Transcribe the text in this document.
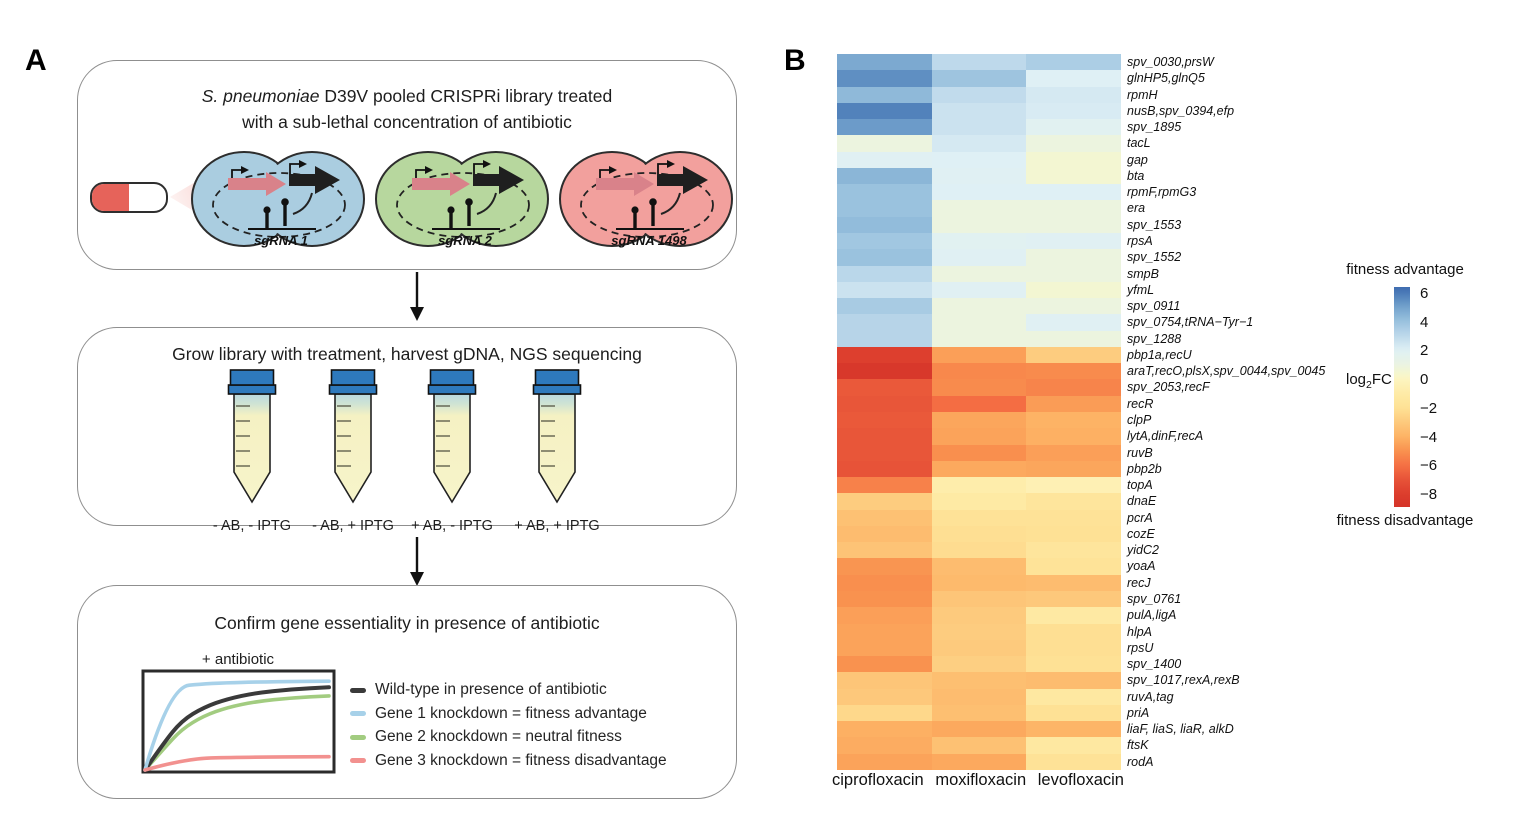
A
S. pneumoniae D39V pooled CRISPRi library treated
with a sub-lethal concentration of antibiotic
sgRNA 1	sgRNA 2	sgRNA 1498
Grow library with treatment, harvest gDNA, NGS sequencing
- AB, - IPTG - AB, + IPTG + AB, - IPTG + AB, + IPTG
Confirm gene essentiality in presence of antibiotic
+ antibiotic
Wild-type in presence of antibiotic
Gene 1 knockdown = fitness advantage
Gene 2 knockdown = neutral fitness
Gene 3 knockdown = fitness disadvantage
B	spv_0030,prsW
glnHP5,glnQ5
rpmH
nusB,spv_0394,efp
spv_1895
tacL
gap
bta
rpmF,rpmG3
era
spv_1553
rpsA
spv_1552
smpB
yfmL
spv_0911
spv_0754,tRNA−Tyr−1
spv_1288
pbp1a,recU
araT,recO,plsX,spv_0044,spv_0045
spv_2053,recF
recR
clpP
lytA,dinF,recA
ruvB
pbp2b
topA
dnaE
pcrA
cozE
yidC2
yoaA
recJ
spv_0761
pulA,ligA
hlpA
rpsU
spv_1400
spv_1017,rexA,rexB
ruvA,tag
priA
liaF, liaS, liaR, alkD
ftsK
rodA
ciprofloxacin moxifloxacin levofloxacin
fitness advantage
6
4
2
0
−2
−4
−6
−8
fitness disadvantage
$\log_2FC$
